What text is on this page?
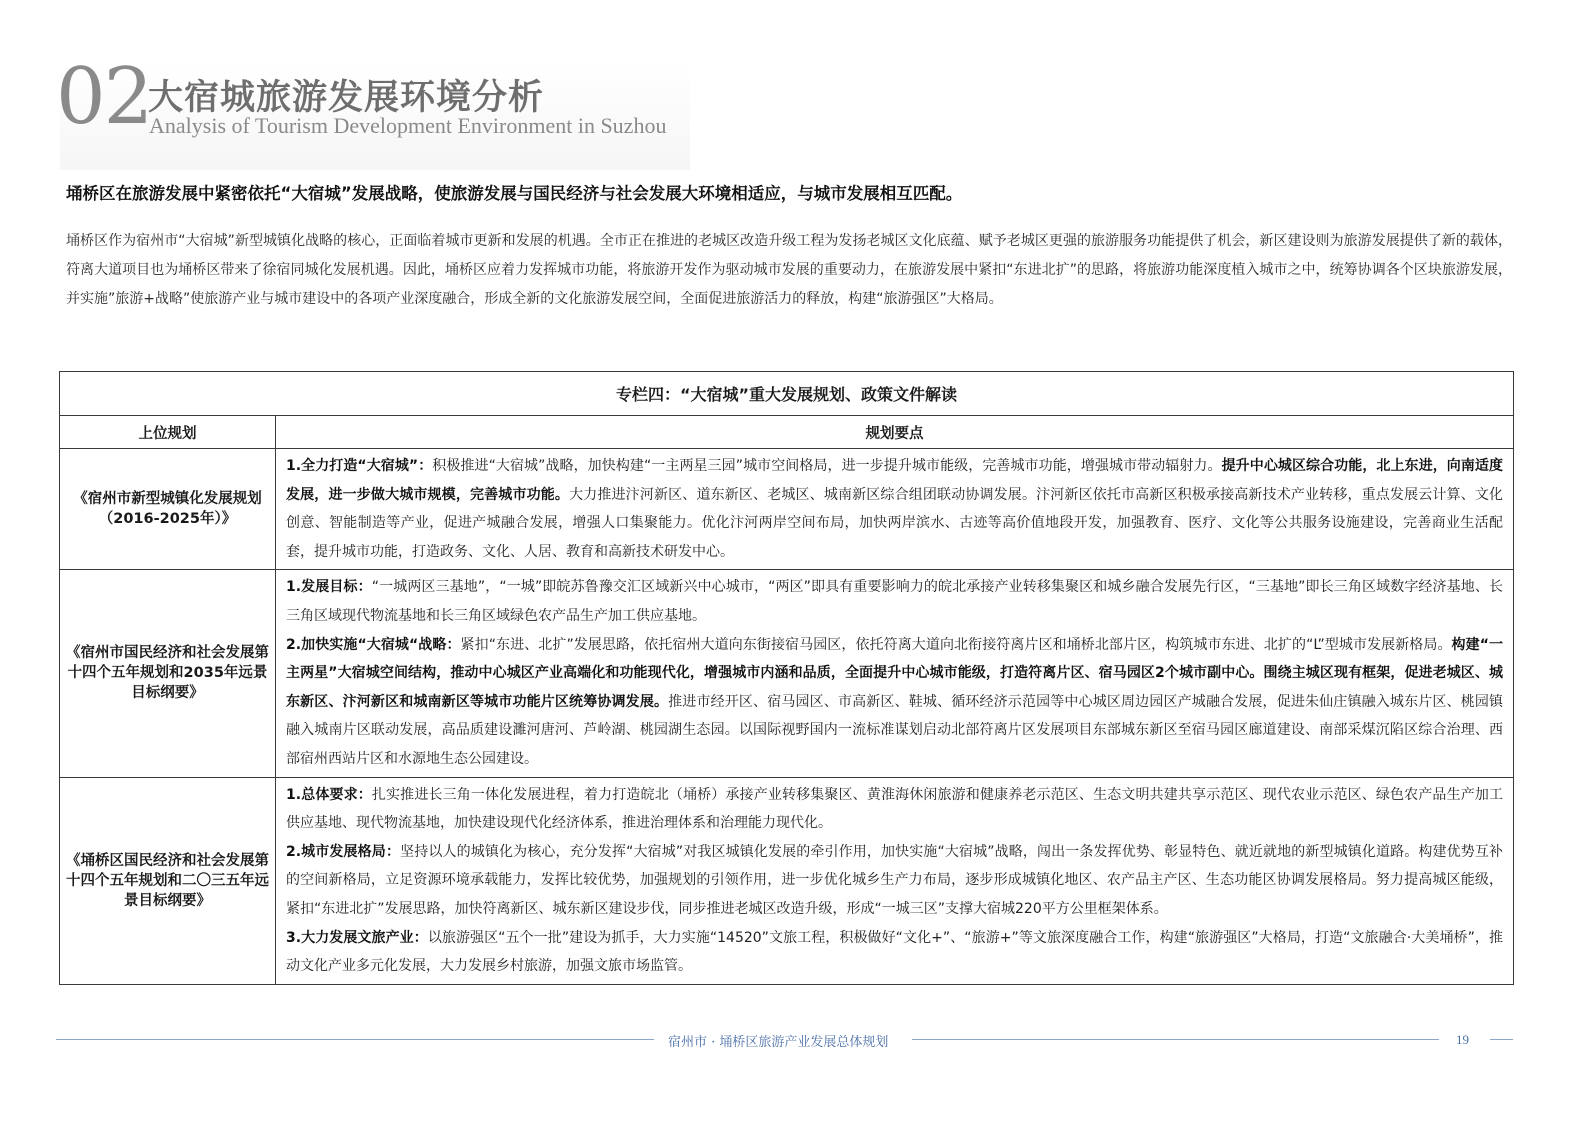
02
大宿城旅游发展环境分析
Analysis of Tourism Development Environment in Suzhou
埇桥区在旅游发展中紧密依托“大宿城”发展战略，使旅游发展与国民经济与社会发展大环境相适应，与城市发展相互匹配。
埇桥区作为宿州市“大宿城”新型城镇化战略的核心，正面临着城市更新和发展的机遇。全市正在推进的老城区改造升级工程为发扬老城区文化底蕴、赋予老城区更强的旅游服务功能提供了机会，新区建设则为旅游发展提供了新的载体，符离大道项目也为埇桥区带来了徐宿同城化发展机遇。因此，埇桥区应着力发挥城市功能，将旅游开发作为驱动城市发展的重要动力，在旅游发展中紧扣“东进北扩”的思路，将旅游功能深度植入城市之中，统筹协调各个区块旅游发展，并实施”旅游+战略”使旅游产业与城市建设中的各项产业深度融合，形成全新的文化旅游发展空间，全面促进旅游活力的释放，构建“旅游强区”大格局。
专栏四：“大宿城”重大发展规划、政策文件解读	
上位规划	规划要点
《宿州市新型城镇化发展规划（2016-2025年）》	1.全力打造“大宿城”：积极推进“大宿城”战略，加快构建“一主两星三园”城市空间格局，进一步提升城市能级，完善城市功能，增强城市带动辐射力。提升中心城区综合功能，北上东进，向南适度发展，进一步做大城市规模，完善城市功能。大力推进汴河新区、道东新区、老城区、城南新区综合组团联动协调发展。汴河新区依托市高新区积极承接高新技术产业转移，重点发展云计算、文化创意、智能制造等产业，促进产城融合发展，增强人口集聚能力。优化汴河两岸空间布局，加快两岸滨水、古迹等高价值地段开发，加强教育、医疗、文化等公共服务设施建设，完善商业生活配套，提升城市功能，打造政务、文化、人居、教育和高新技术研发中心。

《宿州市国民经济和社会发展第十四个五年规划和2035年远景目标纲要》	1.发展目标：“一城两区三基地”，“一城”即皖苏鲁豫交汇区域新兴中心城市，“两区”即具有重要影响力的皖北承接产业转移集聚区和城乡融合发展先行区，“三基地”即长三角区域数字经济基地、长三角区域现代物流基地和长三角区域绿色农产品生产加工供应基地。

2.加快实施“大宿城“战略：紧扣“东进、北扩”发展思路，依托宿州大道向东街接宿马园区，依托符离大道向北衔接符离片区和埇桥北部片区，构筑城市东进、北扩的“L”型城市发展新格局。构建“一主两星”大宿城空间结构，推动中心城区产业高端化和功能现代化，增强城市内涵和品质，全面提升中心城市能级，打造符离片区、宿马园区2个城市副中心。围绕主城区现有框架，促进老城区、城东新区、汴河新区和城南新区等城市功能片区统筹协调发展。推进市经开区、宿马园区、市高新区、鞋城、循环经济示范园等中心城区周边园区产城融合发展，促进朱仙庄镇融入城东片区、桃园镇融入城南片区联动发展，高品质建设濉河唐河、芦岭湖、桃园湖生态园。以国际视野国内一流标准谋划启动北部符离片区发展项目东部城东新区至宿马园区廊道建设、南部采煤沉陷区综合治理、西部宿州西站片区和水源地生态公园建设。

《埇桥区国民经济和社会发展第十四个五年规划和二〇三五年远景目标纲要》	1.总体要求：扎实推进长三角一体化发展进程，着力打造皖北（埇桥）承接产业转移集聚区、黄淮海休闲旅游和健康养老示范区、生态文明共建共享示范区、现代农业示范区、绿色农产品生产加工供应基地、现代物流基地，加快建设现代化经济体系，推进治理体系和治理能力现代化。

2.城市发展格局：坚持以人的城镇化为核心，充分发挥“大宿城”对我区城镇化发展的牵引作用，加快实施“大宿城”战略，闯出一条发挥优势、彰显特色、就近就地的新型城镇化道路。构建优势互补的空间新格局，立足资源环境承载能力，发挥比较优势，加强规划的引领作用，进一步优化城乡生产力布局，逐步形成城镇化地区、农产品主产区、生态功能区协调发展格局。努力提高城区能级，紧扣“东进北扩”发展思路，加快符离新区、城东新区建设步伐，同步推进老城区改造升级，形成“一城三区”支撑大宿城220平方公里框架体系。

3.大力发展文旅产业：以旅游强区“五个一批”建设为抓手，大力实施“14520”文旅工程，积极做好“文化+”、“旅游+”等文旅深度融合工作，构建“旅游强区”大格局，打造“文旅融合·大美埇桥”，推动文化产业多元化发展，大力发展乡村旅游，加强文旅市场监管。

宿州市 · 埇桥区旅游产业发展总体规划	19
